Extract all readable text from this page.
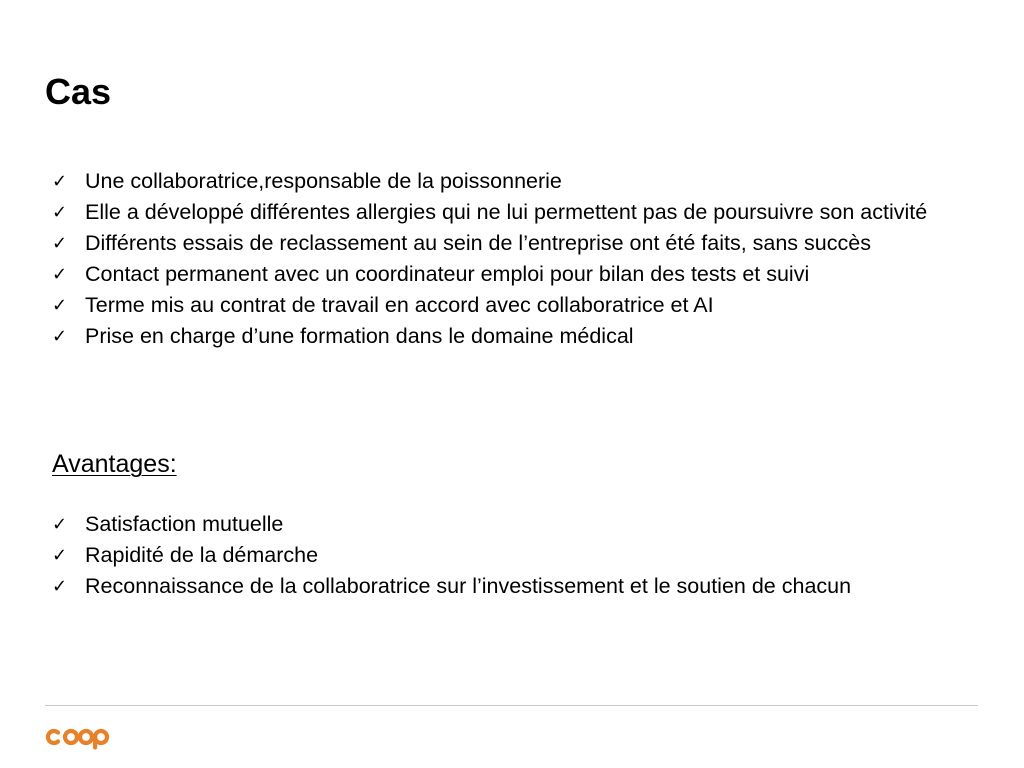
Cas
✓ Une collaboratrice,responsable de la poissonnerie
✓ Elle a développé différentes allergies qui ne lui permettent pas de poursuivre son activité
✓ Différents essais de reclassement au sein de l’entreprise ont été faits, sans succès
✓ Contact permanent avec un coordinateur emploi pour bilan des tests et suivi
✓ Terme mis au contrat de travail en accord avec collaboratrice et AI
✓ Prise en charge d’une formation dans le domaine médical
Avantages:
✓ Satisfaction mutuelle
✓ Rapidité de la démarche
✓ Reconnaissance de la collaboratrice sur l’investissement et le soutien de chacun
